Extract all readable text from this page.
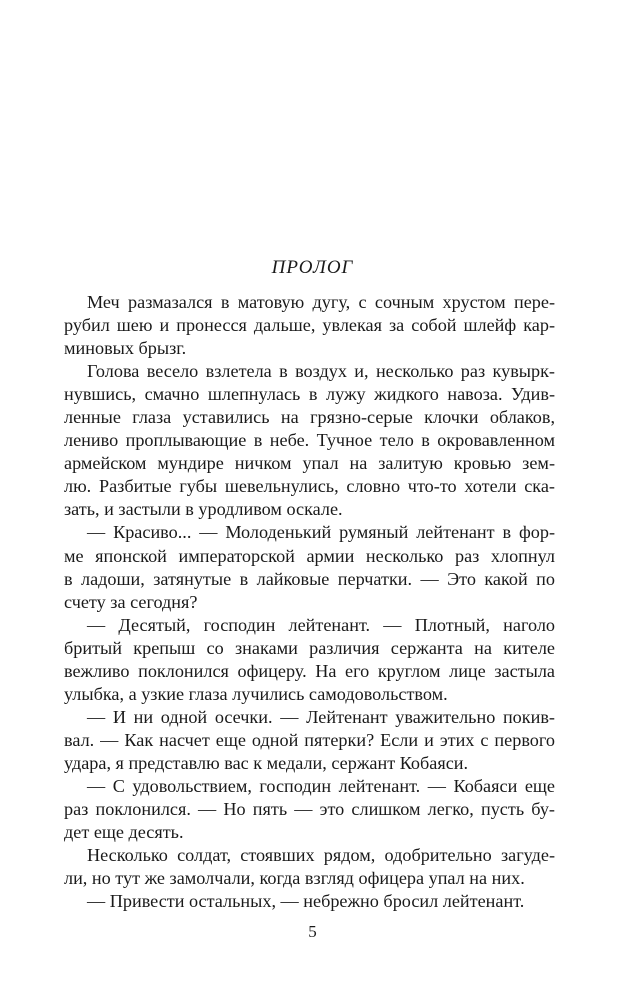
ПРОЛОГ
Меч размазался в матовую дугу, с сочным хрустом пере-
рубил шею и пронесся дальше, увлекая за собой шлейф кар-
миновых брызг.
Голова весело взлетела в воздух и, несколько раз кувырк-
нувшись, смачно шлепнулась в лужу жидкого навоза. Удив-
ленные глаза уставились на грязно-серые клочки облаков,
лениво проплывающие в небе. Тучное тело в окровавленном
армейском мундире ничком упал на залитую кровью зем-
лю. Разбитые губы шевельнулись, словно что-то хотели ска-
зать, и застыли в уродливом оскале.
— Красиво... — Молоденький румяный лейтенант в фор-
ме японской императорской армии несколько раз хлопнул
в ладоши, затянутые в лайковые перчатки. — Это какой по
счету за сегодня?
— Десятый, господин лейтенант. — Плотный, наголо
бритый крепыш со знаками различия сержанта на кителе
вежливо поклонился офицеру. На его круглом лице застыла
улыбка, а узкие глаза лучились самодовольством.
— И ни одной осечки. — Лейтенант уважительно покив-
вал. — Как насчет еще одной пятерки? Если и этих с первого
удара, я представлю вас к медали, сержант Кобаяси.
— С удовольствием, господин лейтенант. — Кобаяси еще
раз поклонился. — Но пять — это слишком легко, пусть бу-
дет еще десять.
Несколько солдат, стоявших рядом, одобрительно загуде-
ли, но тут же замолчали, когда взгляд офицера упал на них.
— Привести остальных, — небрежно бросил лейтенант.
5
